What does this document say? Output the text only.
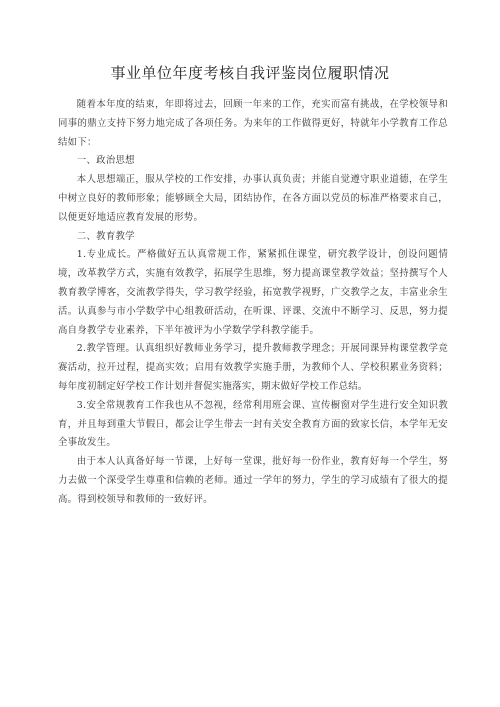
事业单位年度考核自我评鉴岗位履职情况

随着本年度的结束，年即将过去，回顾一年来的工作，充实而富有挑战，在学校领导和同事的鼎立支持下努力地完成了各项任务。为来年的工作做得更好，特就年小学教育工作总结如下：

一、政治思想

本人思想端正，服从学校的工作安排，办事认真负责；并能自觉遵守职业道德，在学生中树立良好的教师形象；能够顾全大局，团结协作，在各方面以党员的标准严格要求自己，以便更好地适应教育发展的形势。

二、教育教学

1.专业成长。严格做好五认真常规工作，紧紧抓住课堂，研究教学设计，创设问题情境，改革教学方式，实施有效教学，拓展学生思维，努力提高课堂教学效益；坚持撰写个人教育教学博客，交流教学得失，学习教学经验，拓宽教学视野，广交教学之友，丰富业余生活。认真参与市小学数学中心组教研活动，在听课、评课、交流中不断学习、反思，努力提高自身教学专业素养，下半年被评为小学数学学科教学能手。

2.教学管理。认真组织好教师业务学习，提升教师教学理念；开展同课异构课堂教学竞赛活动，拉开过程，提高实效；启用有效教学实施手册，为教师个人、学校积累业务资料；每年度初制定好学校工作计划并督促实施落实，期末做好学校工作总结。

3.安全常规教育工作我也从不忽视，经常利用班会课、宣传橱窗对学生进行安全知识教育，并且每到重大节假日，都会让学生带去一封有关安全教育方面的致家长信，本学年无安全事故发生。

由于本人认真备好每一节课，上好每一堂课，批好每一份作业，教育好每一个学生，努力去做一个深受学生尊重和信赖的老师。通过一学年的努力，学生的学习成绩有了很大的提高。得到校领导和教师的一致好评。
